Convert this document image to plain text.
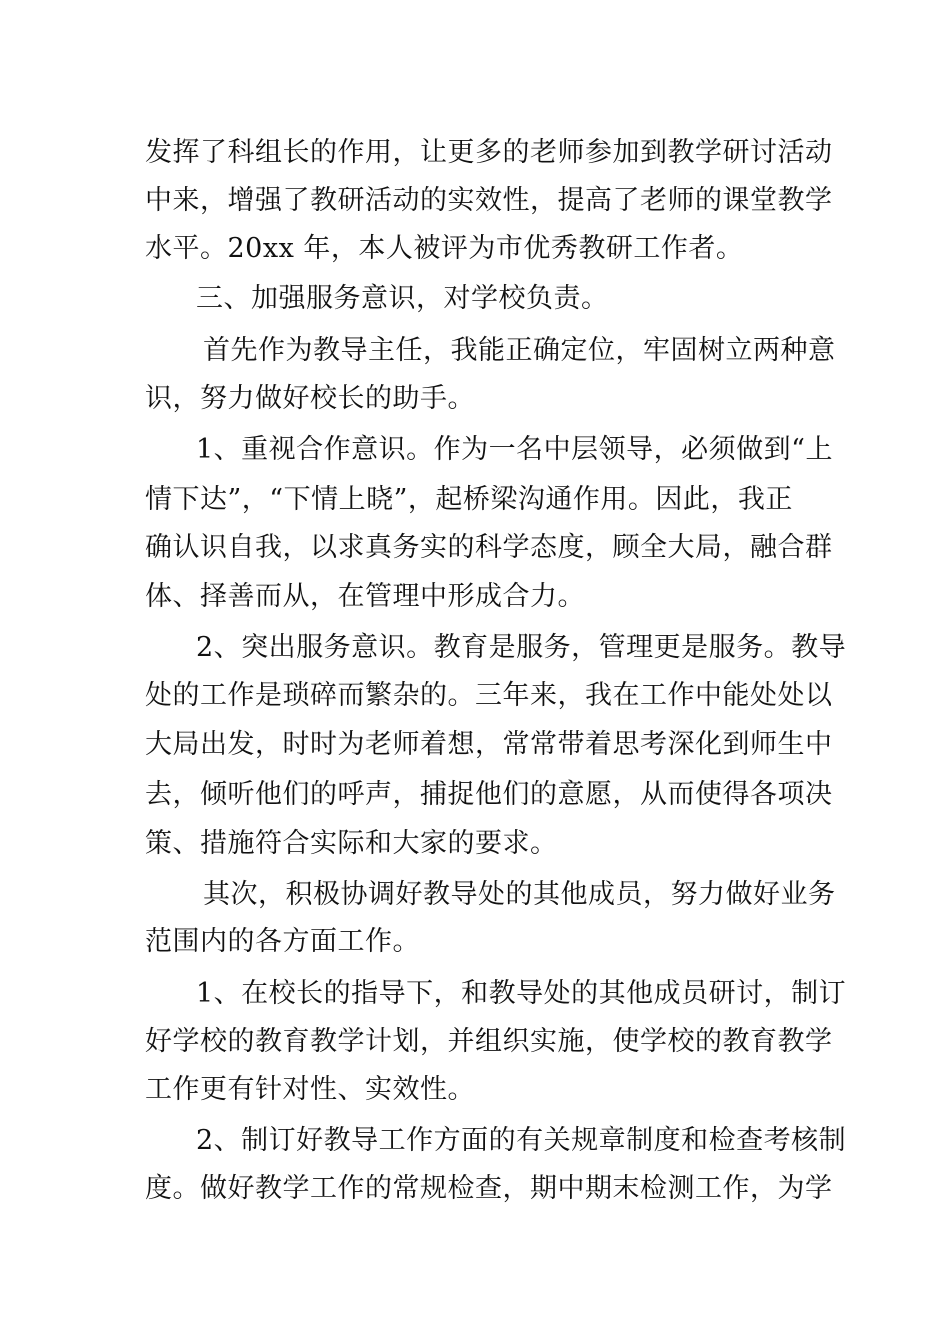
发挥了科组长的作用，让更多的老师参加到教学研讨活动
中来，增强了教研活动的实效性，提高了老师的课堂教学
水平。20xx 年，本人被评为市优秀教研工作者。
三、加强服务意识，对学校负责。
首先作为教导主任，我能正确定位，牢固树立两种意
识，努力做好校长的助手。
1、重视合作意识。作为一名中层领导，必须做到“上
情下达”，“下情上晓”，起桥梁沟通作用。因此，我正
确认识自我，以求真务实的科学态度，顾全大局，融合群
体、择善而从，在管理中形成合力。
2、突出服务意识。教育是服务，管理更是服务。教导
处的工作是琐碎而繁杂的。三年来，我在工作中能处处以
大局出发，时时为老师着想，常常带着思考深化到师生中
去，倾听他们的呼声，捕捉他们的意愿，从而使得各项决
策、措施符合实际和大家的要求。
其次，积极协调好教导处的其他成员，努力做好业务
范围内的各方面工作。
1、在校长的指导下，和教导处的其他成员研讨，制订
好学校的教育教学计划，并组织实施，使学校的教育教学
工作更有针对性、实效性。
2、制订好教导工作方面的有关规章制度和检查考核制
度。做好教学工作的常规检查，期中期末检测工作，为学
